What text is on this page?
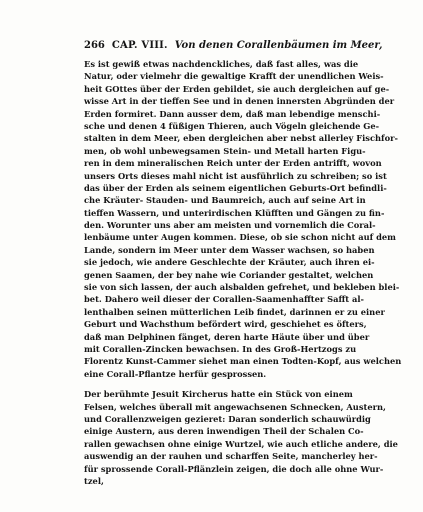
266 CAP. VIII. Von denen Corallenbäumen im Meer,
Es ist gewiß etwas nachdenckliches, daß fast alles, was die
Natur, oder vielmehr die gewaltige Krafft der unendlichen Weis-
heit GOttes über der Erden gebildet, sie auch dergleichen auf ge-
wisse Art in der tieffen See und in denen innersten Abgründen der
Erden formiret. Dann ausser dem, daß man lebendige menschi-
sche und denen 4 füßigen Thieren, auch Vögeln gleichende Ge-
stalten in dem Meer, eben dergleichen aber nebst allerley Fischfor-
men, ob wohl unbewegsamen Stein- und Metall harten Figu-
ren in dem mineralischen Reich unter der Erden antrifft, wovon
unsers Orts dieses mahl nicht ist ausführlich zu schreiben; so ist
das über der Erden als seinem eigentlichen Geburts-Ort befindli-
che Kräuter- Stauden- und Baumreich, auch auf seine Art in
tieffen Wassern, und unterirdischen Klüfften und Gängen zu fin-
den. Worunter uns aber am meisten und vornemlich die Coral-
lenbäume unter Augen kommen. Diese, ob sie schon nicht auf dem
Lande, sondern im Meer unter dem Wasser wachsen, so haben
sie jedoch, wie andere Geschlechte der Kräuter, auch ihren ei-
genen Saamen, der bey nahe wie Coriander gestaltet, welchen
sie von sich lassen, der auch alsbalden gefrehet, und bekleben blei-
bet. Dahero weil dieser der Corallen-Saamenhaffter Safft al-
lenthalben seinen mütterlichen Leib findet, darinnen er zu einer
Geburt und Wachsthum befördert wird, geschiehet es öfters,
daß man Delphinen fänget, deren harte Häute über und über
mit Corallen-Zincken bewachsen. In des Groß-Hertzogs zu
Florentz Kunst-Cammer siehet man einen Todten-Kopf, aus welchen
eine Corall-Pflantze herfür gesprossen.
Der berühmte Jesuit Kircherus hatte ein Stück von einem
Felsen, welches überall mit angewachsenen Schnecken, Austern,
und Corallenzweigen gezieret: Daran sonderlich schauwürdig
einige Austern, aus deren inwendigen Theil der Schalen Co-
rallen gewachsen ohne einige Wurtzel, wie auch etliche andere, die
auswendig an der rauhen und scharffen Seite, mancherley her-
für sprossende Corall-Pflänzlein zeigen, die doch alle ohne Wur-
tzel,
